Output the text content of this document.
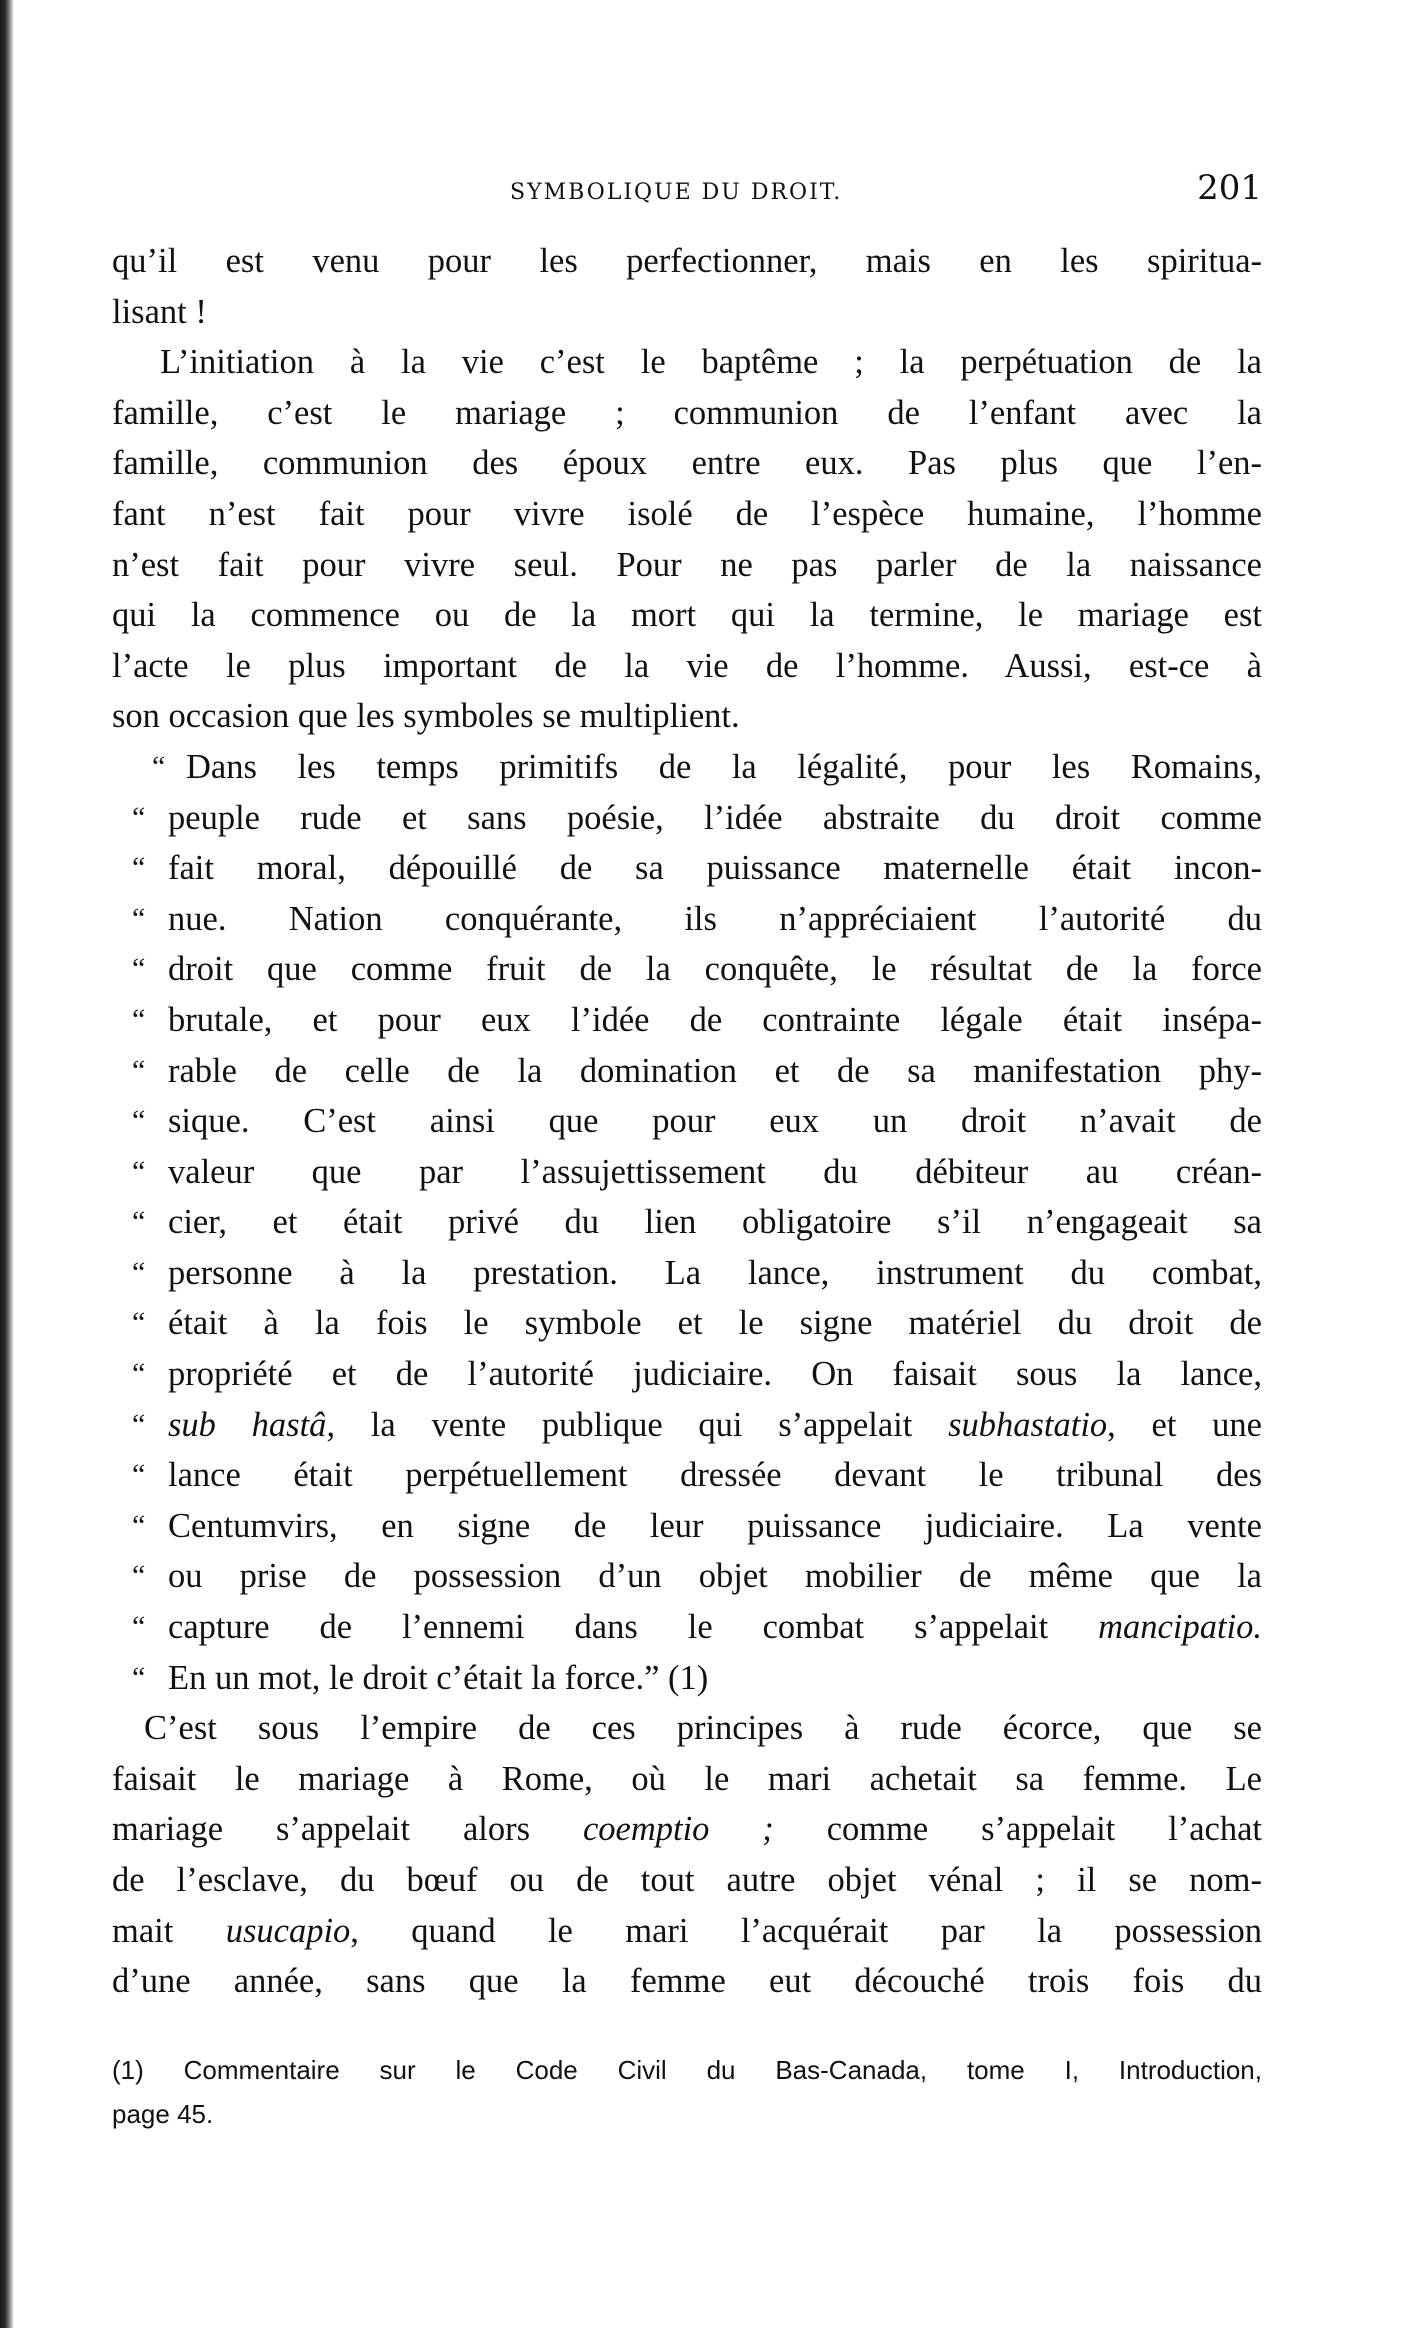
SYMBOLIQUE DU DROIT.	201
qu’il est venu pour les perfectionner, mais en les spiritua-
lisant !
L’initiation à la vie c’est le baptême ; la perpétuation de la
famille, c’est le mariage ; communion de l’enfant avec la
famille, communion des époux entre eux. Pas plus que l’en-
fant n’est fait pour vivre isolé de l’espèce humaine, l’homme
n’est fait pour vivre seul. Pour ne pas parler de la naissance
qui la commence ou de la mort qui la termine, le mariage est
l’acte le plus important de la vie de l’homme. Aussi, est-ce à
son occasion que les symboles se multiplient.
“ Dans les temps primitifs de la légalité, pour les Romains,
“ peuple rude et sans poésie, l’idée abstraite du droit comme
“ fait moral, dépouillé de sa puissance maternelle était incon-
“ nue. Nation conquérante, ils n’appréciaient l’autorité du
“ droit que comme fruit de la conquête, le résultat de la force
“ brutale, et pour eux l’idée de contrainte légale était insépa-
“ rable de celle de la domination et de sa manifestation phy-
“ sique. C’est ainsi que pour eux un droit n’avait de
“ valeur que par l’assujettissement du débiteur au créan-
“ cier, et était privé du lien obligatoire s’il n’engageait sa
“ personne à la prestation. La lance, instrument du combat,
“ était à la fois le symbole et le signe matériel du droit de
“ propriété et de l’autorité judiciaire. On faisait sous la lance,
“ sub hastâ, la vente publique qui s’appelait subhastatio, et une
“ lance était perpétuellement dressée devant le tribunal des
“ Centumvirs, en signe de leur puissance judiciaire. La vente
“ ou prise de possession d’un objet mobilier de même que la
“ capture de l’ennemi dans le combat s’appelait mancipatio.
“ En un mot, le droit c’était la force.” (1)
C’est sous l’empire de ces principes à rude écorce, que se
faisait le mariage à Rome, où le mari achetait sa femme. Le
mariage s’appelait alors coemptio ; comme s’appelait l’achat
de l’esclave, du bœuf ou de tout autre objet vénal ; il se nom-
mait usucapio, quand le mari l’acquérait par la possession
d’une année, sans que la femme eut découché trois fois du
(1) Commentaire sur le Code Civil du Bas-Canada, tome I, Introduction,
page 45.
